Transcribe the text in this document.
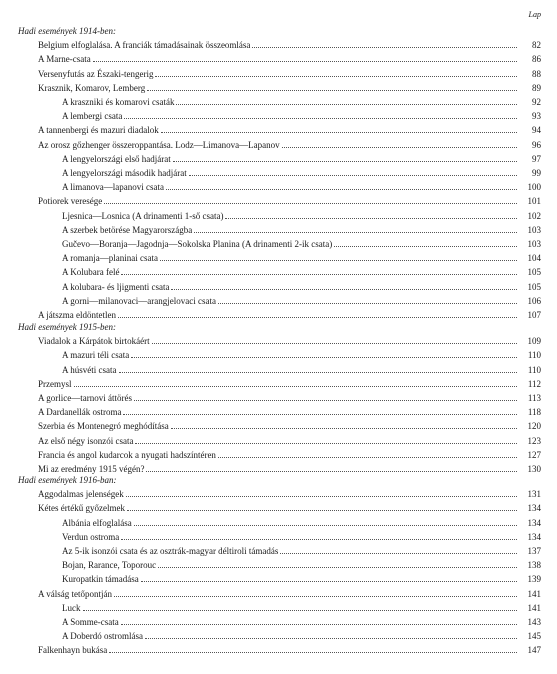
Lap
Hadi események 1914-ben:
Belgium elfoglalása. A franciák támadásainak összeomlása	82
A Marne-csata	86
Versenyfutás az Északi-tengerig	88
Krasznik, Komarov, Lemberg	89
A kraszniki és komarovi csaták	92
A lembergi csata	93
A tannenbergi és mazuri diadalok	94
Az orosz gőzhenger összeroppantása. Lodz—Limanova—Lapanov	96
A lengyelországi első hadjárat	97
A lengyelországi második hadjárat	99
A limanova—lapanovi csata	100
Potiorek veresége	101
Ljesnica—Losnica (A drinamenti 1-ső csata)	102
A szerbek betörése Magyarországba	103
Gučevo—Boranja—Jagodnja—Sokolska Planina (A drinamenti 2-ik csata)	103
A romanja—planinai csata	104
A Kolubara felé	105
A kolubara- és ljigmenti csata	105
A gorni—milanovaci—arangjelovaci csata	106
A játszma eldöntetlen	107
Hadi események 1915-ben:
Viadalok a Kárpátok birtokáért	109
A mazuri téli csata	110
A húsvéti csata	110
Przemysl	112
A gorlice—tarnovi áttörés	113
A Dardanellák ostroma	118
Szerbia és Montenegró meghódítása	120
Az első négy isonzói csata	123
Francia és angol kudarcok a nyugati hadszíntéren	127
Mi az eredmény 1915 végén?	130
Hadi események 1916-ban:
Aggodalmas jelenségek	131
Kétes értékű győzelmek	134
Albánia elfoglalása	134
Verdun ostroma	134
Az 5-ik isonzói csata és az osztrák-magyar déltiroli támadás	137
Bojan, Rarance, Toporouc	138
Kuropatkin támadása	139
A válság tetőpontján	141
Luck	141
A Somme-csata	143
A Doberdó ostromlása	145
Falkenhayn bukása	147
